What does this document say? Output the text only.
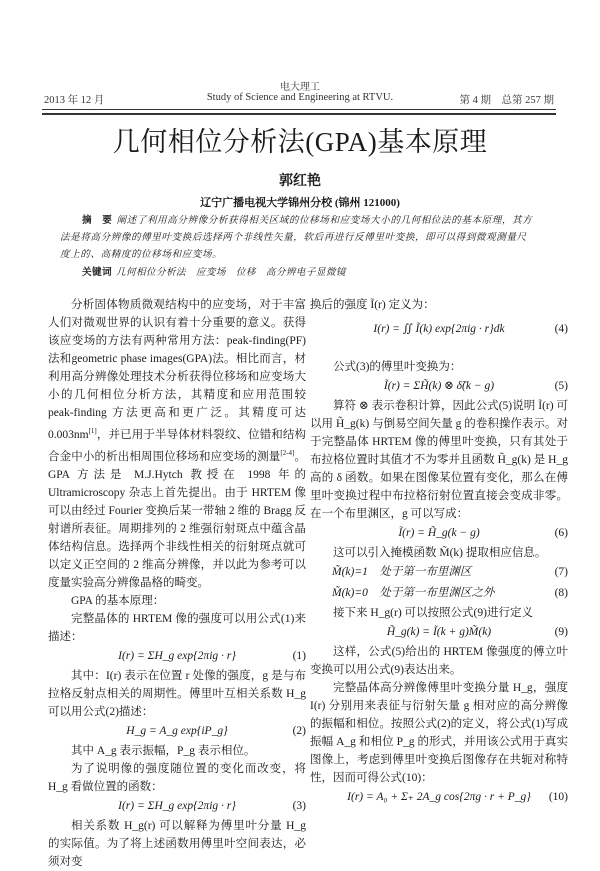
电大理工
2013 年 12 月	Study of Science and Engineering at RTVU.	第 4 期　总第 257 期
几何相位分析法(GPA)基本原理
郭红艳
辽宁广播电视大学锦州分校 (锦州 121000)
摘　要 阐述了利用高分辨像分析获得相关区域的位移场和应变场大小的几何相位法的基本原理，其方法是将高分辨像的傅里叶变换后选择两个非线性矢量，软后再进行反傅里叶变换，即可以得到微观测量尺度上的、高精度的位移场和应变场。
关键词 几何相位分析法　应变场　位移　高分辨电子显微镜

分析固体物质微观结构中的应变场，对于丰富人们对微观世界的认识有着十分重要的意义。获得该应变场的方法有两种常用方法：peak-finding(PF)法和geometric phase images(GPA)法。相比而言，材利用高分辨像处理技术分析获得位移场和应变场大小的几何相位分析方法，其精度和应用范围较 peak-finding 方法更高和更广泛。其精度可达 0.003nm[1]，并已用于半导体材料裂纹、位错和结构合金中小的析出相周围位移场和应变场的测量[2-4]。GPA 方法是 M.J.Hytch 教授在 1998 年的 Ultramicroscopy 杂志上首先提出。由于 HRTEM 像可以由经过 Fourier 变换后某一带轴 2 维的 Bragg 反射谱所表征。周期排列的 2 维强衍射斑点中蕴含晶体结构信息。选择两个非线性相关的衍射斑点就可以定义正空间的 2 维高分辨像，并以此为参考可以度量实验高分辨像晶格的畸变。

GPA 的基本原理：

完整晶体的 HRTEM 像的强度可以用公式(1)来描述：

I(r) = ΣH_g exp{2πig · r}	(1)

其中：I(r) 表示在位置 r 处像的强度，g 是与布拉格反射点相关的周期性。傅里叶互相关系数 H_g 可以用公式(2)描述：

H_g = A_g exp{iP_g}	(2)

其中 A_g 表示振幅，P_g 表示相位。

为了说明像的强度随位置的变化而改变，将 H_g 看做位置的函数：

I(r) = ΣH_g exp{2πig · r}	(3)

相关系数 H_g(r) 可以解释为傅里叶分量 H_g 的实际值。为了将上述函数用傅里叶空间表达，必须对变

换后的强度 Ĩ(r) 定义为：

I(r) = ∬ Ĩ(k) exp{2πig · r}dk	(4)

公式(3)的傅里叶变换为：

Ĩ(r) = ΣH̃(k) ⊗ δ̃(k − g)	(5)

算符 ⊗ 表示卷积计算，因此公式(5)说明 Ĩ(r) 可以用 H̃_g(k) 与倒易空间矢量 g 的卷积操作表示。对于完整晶体 HRTEM 像的傅里叶变换，只有其处于布拉格位置时其值才不为零并且函数 H̃_g(k) 是 H_g 高的 δ 函数。如果在图像某位置有变化，那么在傅里叶变换过程中布拉格衍射位置直接会变成非零。在一个布里渊区，g 可以写成：

Ĩ(r) = H̃_g(k − g)	(6)

这可以引入掩模函数 M̃(k) 提取相应信息。

M̃(k)=1　处于第一布里渊区	(7)
M̃(k)=0　处于第一布里渊区之外	(8)

接下来 H_g(r) 可以按照公式(9)进行定义

H̃_g(k) = Ĩ(k + g)M̃(k)	(9)

这样，公式(5)给出的 HRTEM 像强度的傅立叶变换可以用公式(9)表达出来。

完整晶体高分辨像傅里叶变换分量 H_g，强度 I(r) 分别用来表征与衍射矢量 g 相对应的高分辨像的振幅和相位。按照公式(2)的定义，将公式(1)写成振幅 A_g 和相位 P_g 的形式，并用该公式用于真实图像上，考虑到傅里叶变换后图像存在共轭对称特性，因而可得公式(10)：

I(r) = A₀ + Σ₊ 2A_g cos{2πg · r + P_g}	(10)
